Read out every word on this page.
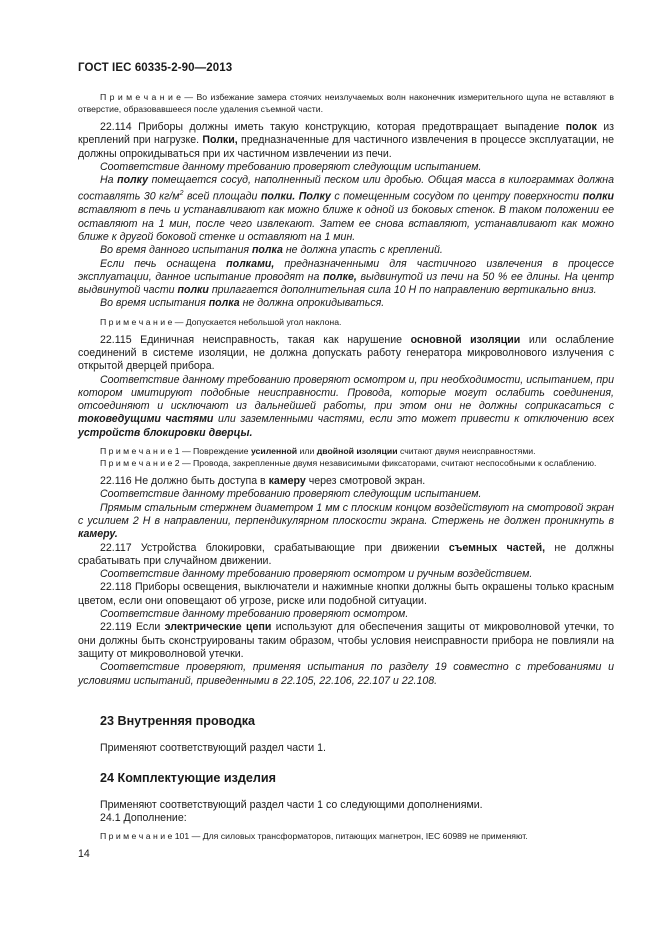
ГОСТ IEC 60335-2-90—2013

П р и м е ч а н и е — Во избежание замера стоячих неизлучаемых волн наконечник измерительного щупа не вставляют в отверстие, образовавшееся после удаления съемной части.

22.114 Приборы должны иметь такую конструкцию, которая предотвращает выпадение полок из креплений при нагрузке. Полки, предназначенные для частичного извлечения в процессе эксплуатации, не должны опрокидываться при их частичном извлечении из печи.

Соответствие данному требованию проверяют следующим испытанием.

На полку помещается сосуд, наполненный песком или дробью. Общая масса в килограммах должна составлять 30 $кг/м^2$ всей площади полки. Полку с помещенным сосудом по центру поверхности полки вставляют в печь и устанавливают как можно ближе к одной из боковых стенок. В таком положении ее оставляют на 1 мин, после чего извлекают. Затем ее снова вставляют, устанавливают как можно ближе к другой боковой стенке и оставляют на 1 мин.

Во время данного испытания полка не должна упасть с креплений.

Если печь оснащена полками, предназначенными для частичного извлечения в процессе эксплуатации, данное испытание проводят на полке, выдвинутой из печи на 50 % ее длины. На центр выдвинутой части полки прилагается дополнительная сила 10 Н по направлению вертикально вниз.

Во время испытания полка не должна опрокидываться.

П р и м е ч а н и е — Допускается небольшой угол наклона.

22.115 Единичная неисправность, такая как нарушение основной изоляции или ослабление соединений в системе изоляции, не должна допускать работу генератора микроволнового излучения с открытой дверцей прибора.

Соответствие данному требованию проверяют осмотром и, при необходимости, испытанием, при котором имитируют подобные неисправности. Провода, которые могут ослабить соединения, отсоединяют и исключают из дальнейшей работы, при этом они не должны соприкасаться с токоведущими частями или заземленными частями, если это может привести к отключению всех устройств блокировки дверцы.

П р и м е ч а н и е 1 — Повреждение усиленной или двойной изоляции считают двумя неисправностями.

П р и м е ч а н и е 2 — Провода, закрепленные двумя независимыми фиксаторами, считают неспособными к ослаблению.

22.116 Не должно быть доступа в камеру через смотровой экран.

Соответствие данному требованию проверяют следующим испытанием.

Прямым стальным стержнем диаметром 1 мм с плоским концом воздействуют на смотровой экран с усилием 2 Н в направлении, перпендикулярном плоскости экрана. Стержень не должен проникнуть в камеру.

22.117 Устройства блокировки, срабатывающие при движении съемных частей, не должны срабатывать при случайном движении.

Соответствие данному требованию проверяют осмотром и ручным воздействием.

22.118 Приборы освещения, выключатели и нажимные кнопки должны быть окрашены только красным цветом, если они оповещают об угрозе, риске или подобной ситуации.

Соответствие данному требованию проверяют осмотром.

22.119 Если электрические цепи используют для обеспечения защиты от микроволновой утечки, то они должны быть сконструированы таким образом, чтобы условия неисправности прибора не повлияли на защиту от микроволновой утечки.

Соответствие проверяют, применяя испытания по разделу 19 совместно с требованиями и условиями испытаний, приведенными в 22.105, 22.106, 22.107 и 22.108.

23 Внутренняя проводка

Применяют соответствующий раздел части 1.

24 Комплектующие изделия

Применяют соответствующий раздел части 1 со следующими дополнениями.

24.1 Дополнение:

П р и м е ч а н и е 101 — Для силовых трансформаторов, питающих магнетрон, IEC 60989 не применяют.

14
